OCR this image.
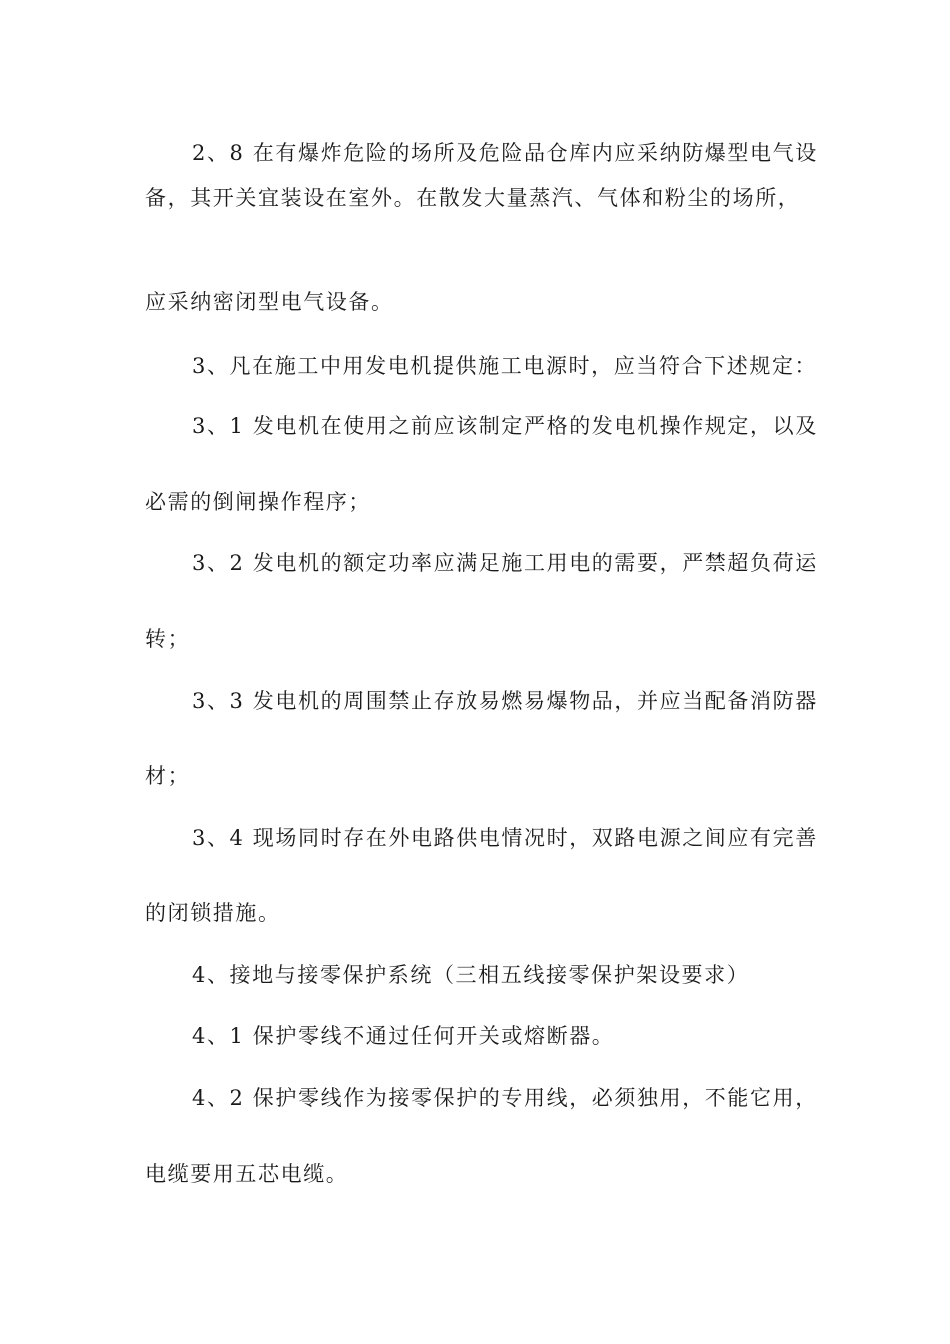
2、8 在有爆炸危险的场所及危险品仓库内应采纳防爆型电气设
备，其开关宜装设在室外。在散发大量蒸汽、气体和粉尘的场所，
应采纳密闭型电气设备。
3、凡在施工中用发电机提供施工电源时，应当符合下述规定：
3、1 发电机在使用之前应该制定严格的发电机操作规定，以及
必需的倒闸操作程序；
3、2 发电机的额定功率应满足施工用电的需要，严禁超负荷运
转；
3、3 发电机的周围禁止存放易燃易爆物品，并应当配备消防器
材；
3、4 现场同时存在外电路供电情况时，双路电源之间应有完善
的闭锁措施。
4、接地与接零保护系统（三相五线接零保护架设要求）
4、1 保护零线不通过任何开关或熔断器。
4、2 保护零线作为接零保护的专用线，必须独用，不能它用，
电缆要用五芯电缆。
